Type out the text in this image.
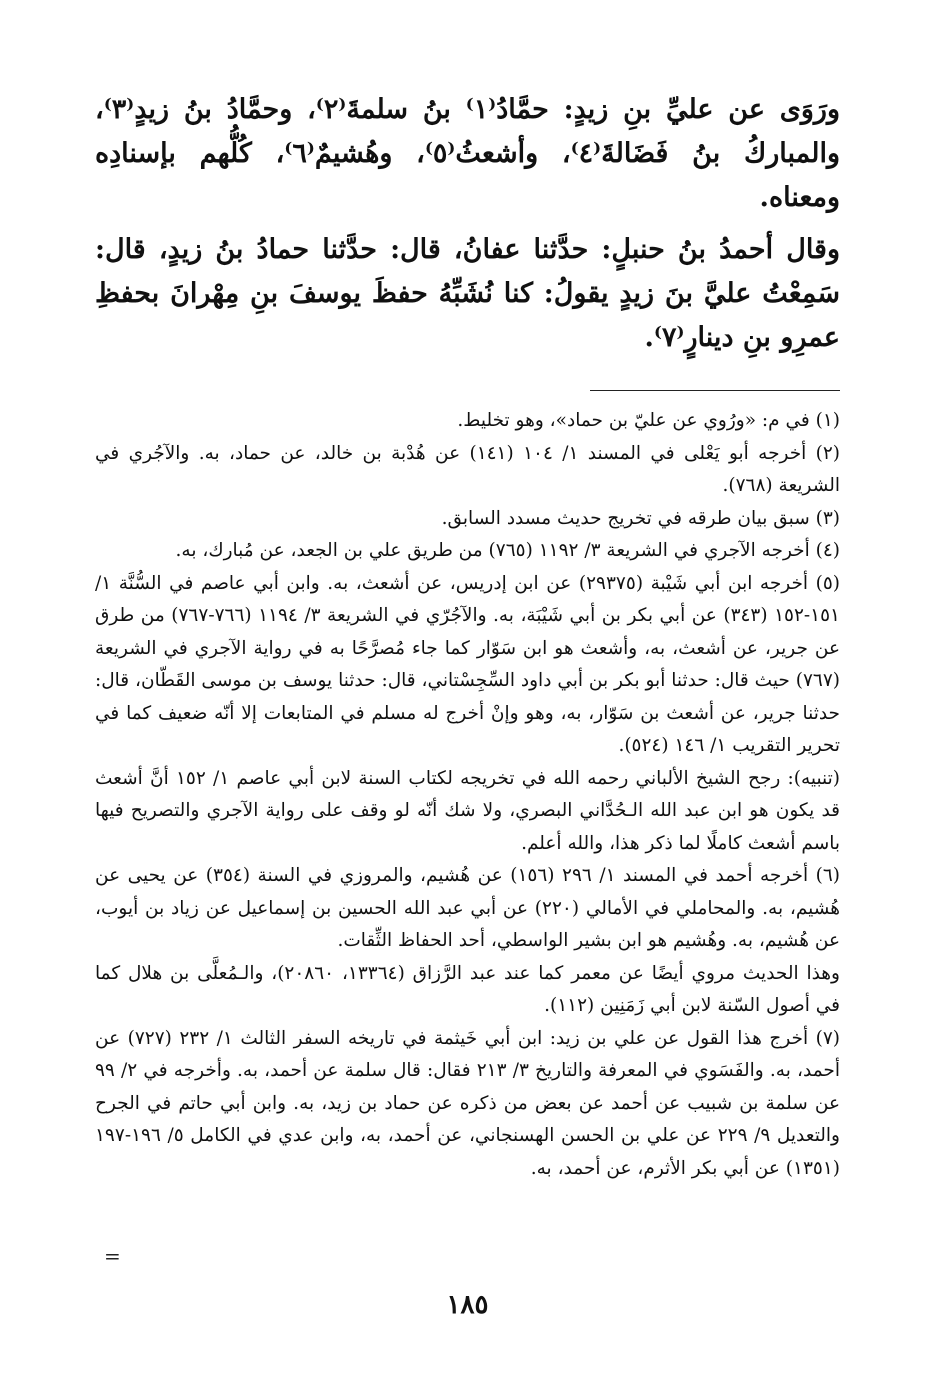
ورَوَى عن عليِّ بنِ زيدٍ: حمَّادُ⁽١⁾ بنُ سلمةَ⁽٢⁾، وحمَّادُ بنُ زيدٍ⁽٣⁾، والمباركُ بنُ فَضَالةَ⁽٤⁾، وأشعثُ⁽٥⁾، وهُشيمٌ⁽٦⁾، كُلُّهم بإسنادِه ومعناه.

وقال أحمدُ بنُ حنبلٍ: حدَّثنا عفانُ، قال: حدَّثنا حمادُ بنُ زيدٍ، قال: سَمِعْتُ عليَّ بنَ زيدٍ يقولُ: كنا نُشَبِّهُ حفظَ يوسفَ بنِ مِهْرانَ بحفظِ عمرِو بنِ دينارٍ⁽٧⁾.

(١) في م: «ورُوي عن عليّ بن حماد»، وهو تخليط.

(٢) أخرجه أبو يَعْلى في المسند ١/ ١٠٤ (١٤١) عن هُدْبة بن خالد، عن حماد، به. والآجُري في الشريعة (٧٦٨).

(٣) سبق بيان طرقه في تخريج حديث مسدد السابق.

(٤) أخرجه الآجري في الشريعة ٣/ ١١٩٢ (٧٦٥) من طريق علي بن الجعد، عن مُبارك، به.

(٥) أخرجه ابن أبي شَيْبة (٢٩٣٧٥) عن ابن إدريس، عن أشعث، به. وابن أبي عاصم في السُّنَّة ١/ ١٥١-١٥٢ (٣٤٣) عن أبي بكر بن أبي شَيْبَة، به. والآجُرّي في الشريعة ٣/ ١١٩٤ (٧٦٦-٧٦٧) من طرق عن جرير، عن أشعث، به، وأشعث هو ابن سَوّار كما جاء مُصرَّحًا به في رواية الآجري في الشريعة (٧٦٧) حيث قال: حدثنا أبو بكر بن أبي داود السِّجِسْتاني، قال: حدثنا يوسف بن موسى القَطّان، قال: حدثنا جرير، عن أشعث بن سَوّار، به، وهو وإنْ أخرج له مسلم في المتابعات إلا أنّه ضعيف كما في تحرير التقريب ١/ ١٤٦ (٥٢٤).

(تنبيه): رجح الشيخ الألباني رحمه الله في تخريجه لكتاب السنة لابن أبي عاصم ١/ ١٥٢ أنَّ أشعث قد يكون هو ابن عبد الله الـحُدَّاني البصري، ولا شك أنّه لو وقف على رواية الآجري والتصريح فيها باسم أشعث كاملًا لما ذكر هذا، والله أعلم.

(٦) أخرجه أحمد في المسند ١/ ٢٩٦ (١٥٦) عن هُشيم، والمروزي في السنة (٣٥٤) عن يحيى عن هُشيم، به. والمحاملي في الأمالي (٢٢٠) عن أبي عبد الله الحسين بن إسماعيل عن زياد بن أيوب، عن هُشيم، به. وهُشيم هو ابن بشير الواسطي، أحد الحفاظ الثِّقات.

وهذا الحديث مروي أيضًا عن معمر كما عند عبد الرَّزاق (١٣٣٦٤، ٢٠٨٦٠)، والـمُعلَّى بن هلال كما في أصول السّنة لابن أبي زَمَنِين (١١٢).

(٧) أخرج هذا القول عن علي بن زيد: ابن أبي خَيثمة في تاريخه السفر الثالث ١/ ٢٣٢ (٧٢٧) عن أحمد، به. والفَسَوي في المعرفة والتاريخ ٣/ ٢١٣ فقال: قال سلمة عن أحمد، به. وأخرجه في ٢/ ٩٩ عن سلمة بن شبيب عن أحمد عن بعض من ذكره عن حماد بن زيد، به. وابن أبي حاتم في الجرح والتعديل ٩/ ٢٢٩ عن علي بن الحسن الهسنجاني، عن أحمد، به، وابن عدي في الكامل ٥/ ١٩٦-١٩٧ (١٣٥١) عن أبي بكر الأثرم، عن أحمد، به.

=
١٨٥
